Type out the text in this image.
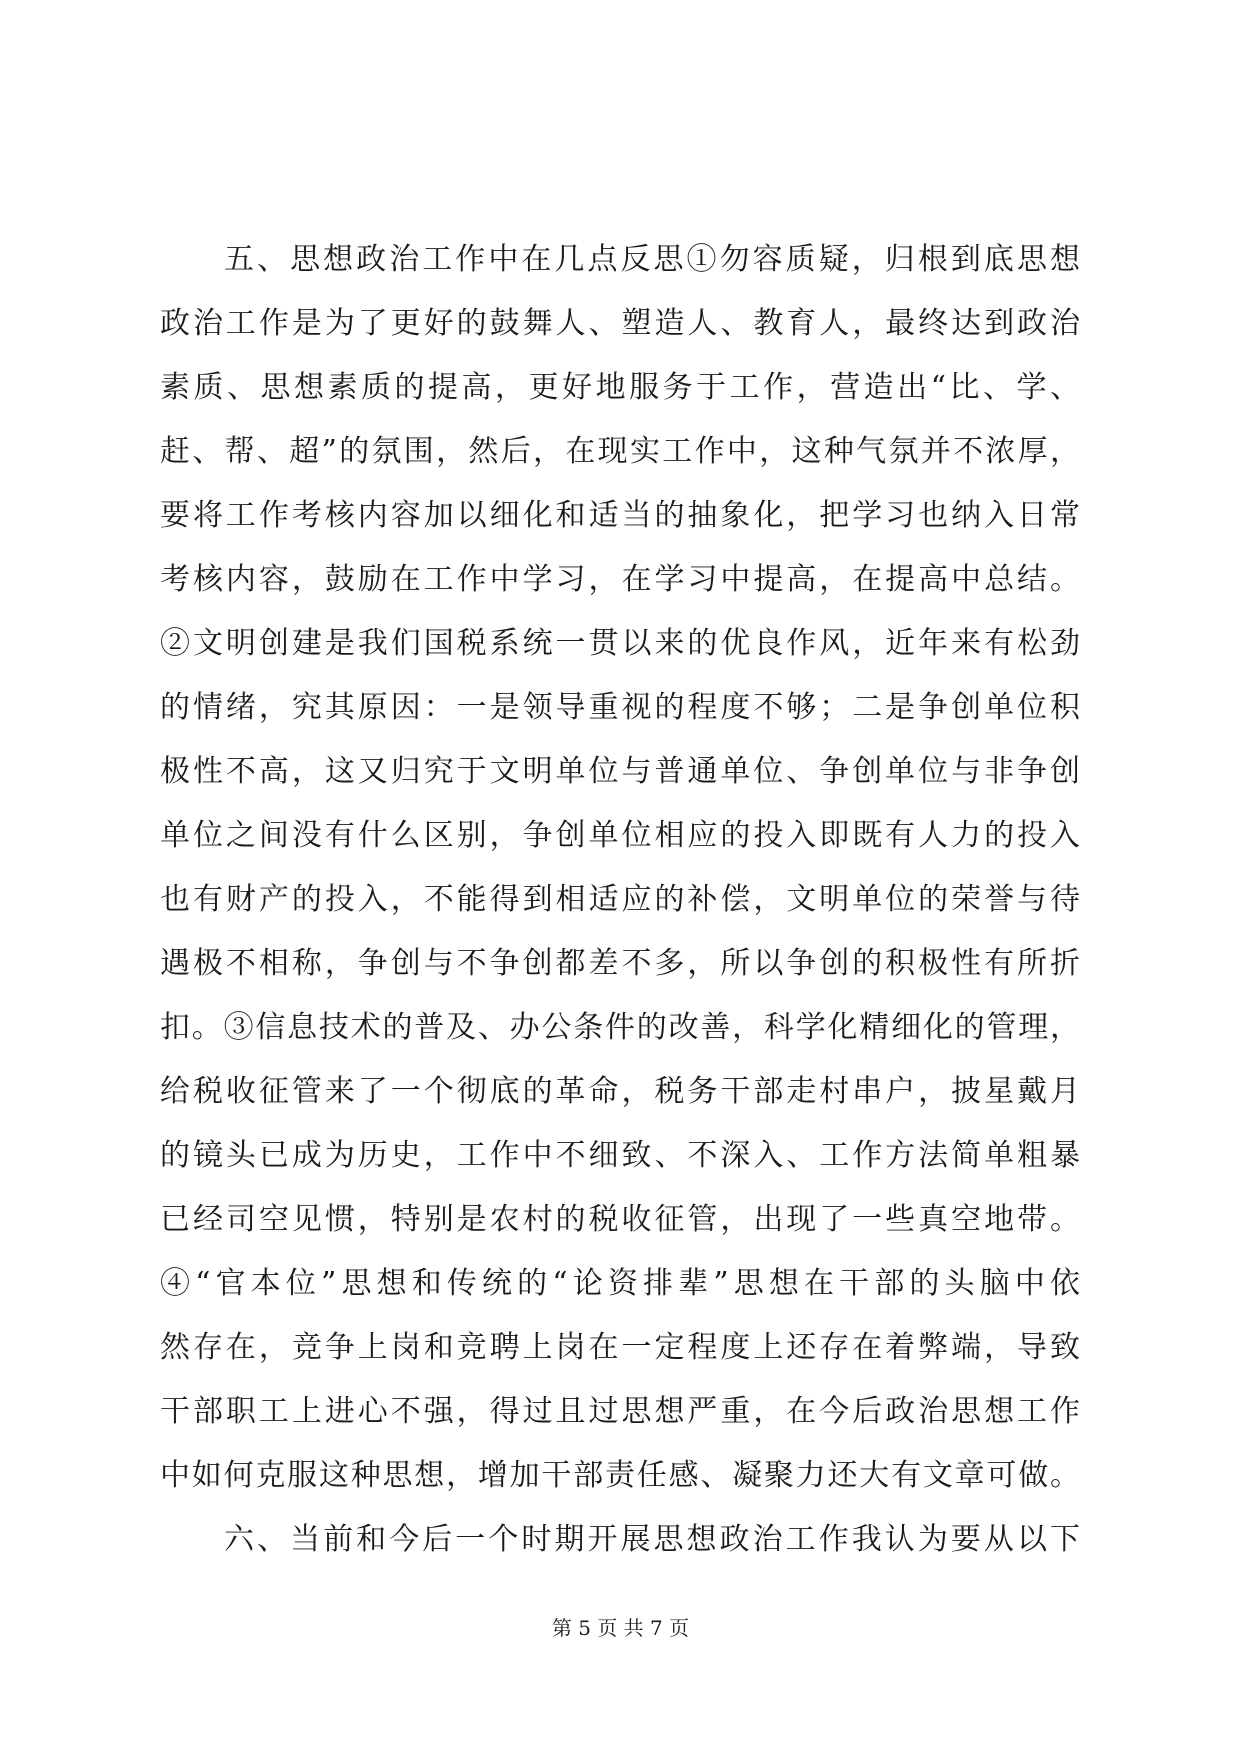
五、思想政治工作中在几点反思①勿容质疑，归根到底思想
政治工作是为了更好的鼓舞人、塑造人、教育人，最终达到政治
素质、思想素质的提高，更好地服务于工作，营造出“比、学、
赶、帮、超”的氛围，然后，在现实工作中，这种气氛并不浓厚，
要将工作考核内容加以细化和适当的抽象化，把学习也纳入日常
考核内容，鼓励在工作中学习，在学习中提高，在提高中总结。
②文明创建是我们国税系统一贯以来的优良作风，近年来有松劲
的情绪，究其原因：一是领导重视的程度不够；二是争创单位积
极性不高，这又归究于文明单位与普通单位、争创单位与非争创
单位之间没有什么区别，争创单位相应的投入即既有人力的投入
也有财产的投入，不能得到相适应的补偿，文明单位的荣誉与待
遇极不相称，争创与不争创都差不多，所以争创的积极性有所折
扣。③信息技术的普及、办公条件的改善，科学化精细化的管理，
给税收征管来了一个彻底的革命，税务干部走村串户，披星戴月
的镜头已成为历史，工作中不细致、不深入、工作方法简单粗暴
已经司空见惯，特别是农村的税收征管，出现了一些真空地带。
④“官本位”思想和传统的“论资排辈”思想在干部的头脑中依
然存在，竞争上岗和竞聘上岗在一定程度上还存在着弊端，导致
干部职工上进心不强，得过且过思想严重，在今后政治思想工作
中如何克服这种思想，增加干部责任感、凝聚力还大有文章可做。
六、当前和今后一个时期开展思想政治工作我认为要从以下
第 5 页 共 7 页
